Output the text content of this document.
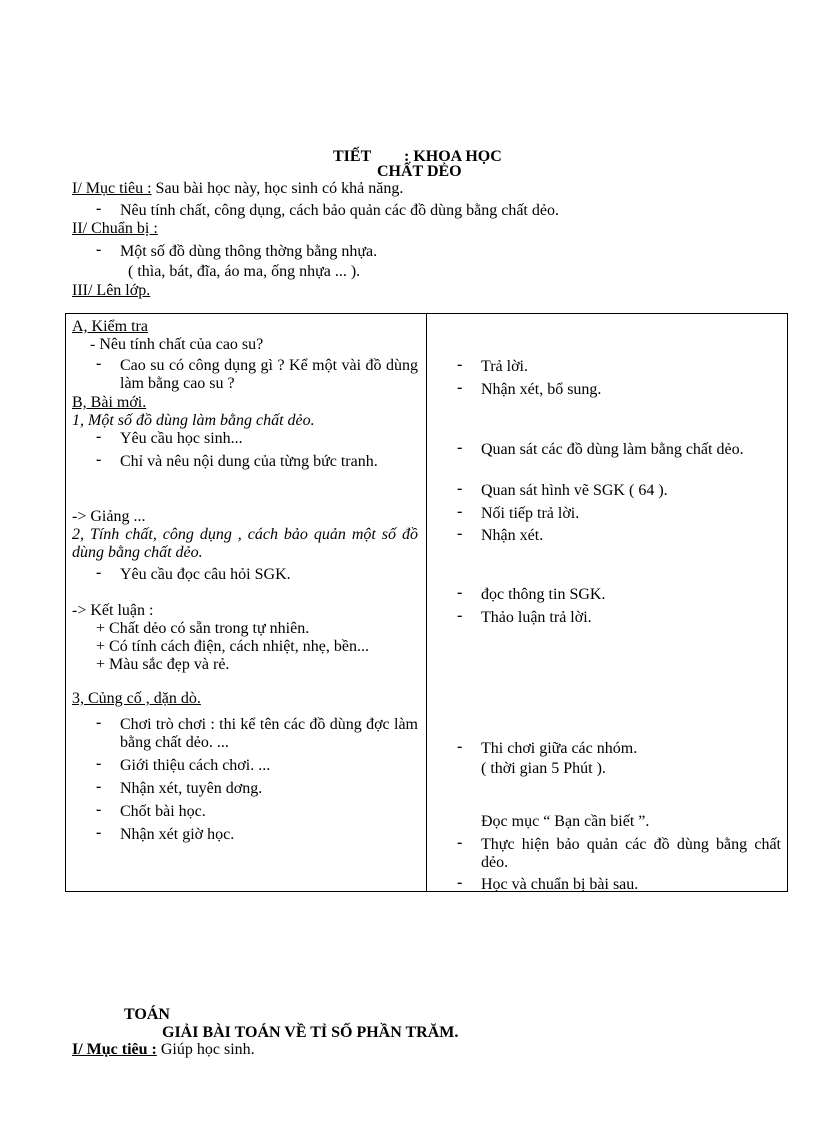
TIẾT : KHOA HỌC
CHẤT DẺO
I/ Mục tiêu : Sau bài học này, học sinh có khả năng.
- Nêu tính chất, công dụng, cách bảo quản các đồ dùng bằng chất dẻo.
II/ Chuẩn bị :
- Một số đồ dùng thông thờng bằng nhựa.
( thìa, bát, đĩa, áo ma, ống nhựa ... ).
III/ Lên lớp.
A, Kiểm tra
- Nêu tính chất của cao su?
- Cao su có công dụng gì ? Kể một vài đồ dùng làm bằng cao su ?
B, Bài mới.
1, Một số đồ dùng làm bằng chất dẻo.
- Yêu cầu học sinh...
- Chỉ và nêu nội dung của từng bức tranh.
-> Giảng ...
2, Tính chất, công dụng , cách bảo quản một số đồ dùng bằng chất dẻo.
- Yêu cầu đọc câu hỏi SGK.
-> Kết luận :
+ Chất dẻo có sẵn trong tự nhiên.
+ Có tính cách điện, cách nhiệt, nhẹ, bền...
+ Màu sắc đẹp và rẻ.
3, Củng cố , dặn dò.
- Chơi trò chơi : thi kể tên các đồ dùng đợc làm bằng chất dẻo. ...
- Giới thiệu cách chơi. ...
- Nhận xét, tuyên dơng.
- Chốt bài học.
- Nhận xét giờ học.
- Trả lời.
- Nhận xét, bổ sung.
- Quan sát các đồ dùng làm bằng chất dẻo.
- Quan sát hình vẽ SGK ( 64 ).
- Nối tiếp trả lời.
- Nhận xét.
- đọc thông tin SGK.
- Thảo luận trả lời.
- Thi chơi giữa các nhóm.
( thời gian 5 Phút ).
Đọc mục “ Bạn cần biết ”.
- Thực hiện bảo quản các đồ dùng bằng chất dẻo.
- Học và chuẩn bị bài sau.
TOÁN
GIẢI BÀI TOÁN VỀ TỈ SỐ PHẦN TRĂM.
I/ Mục tiêu : Giúp học sinh.
